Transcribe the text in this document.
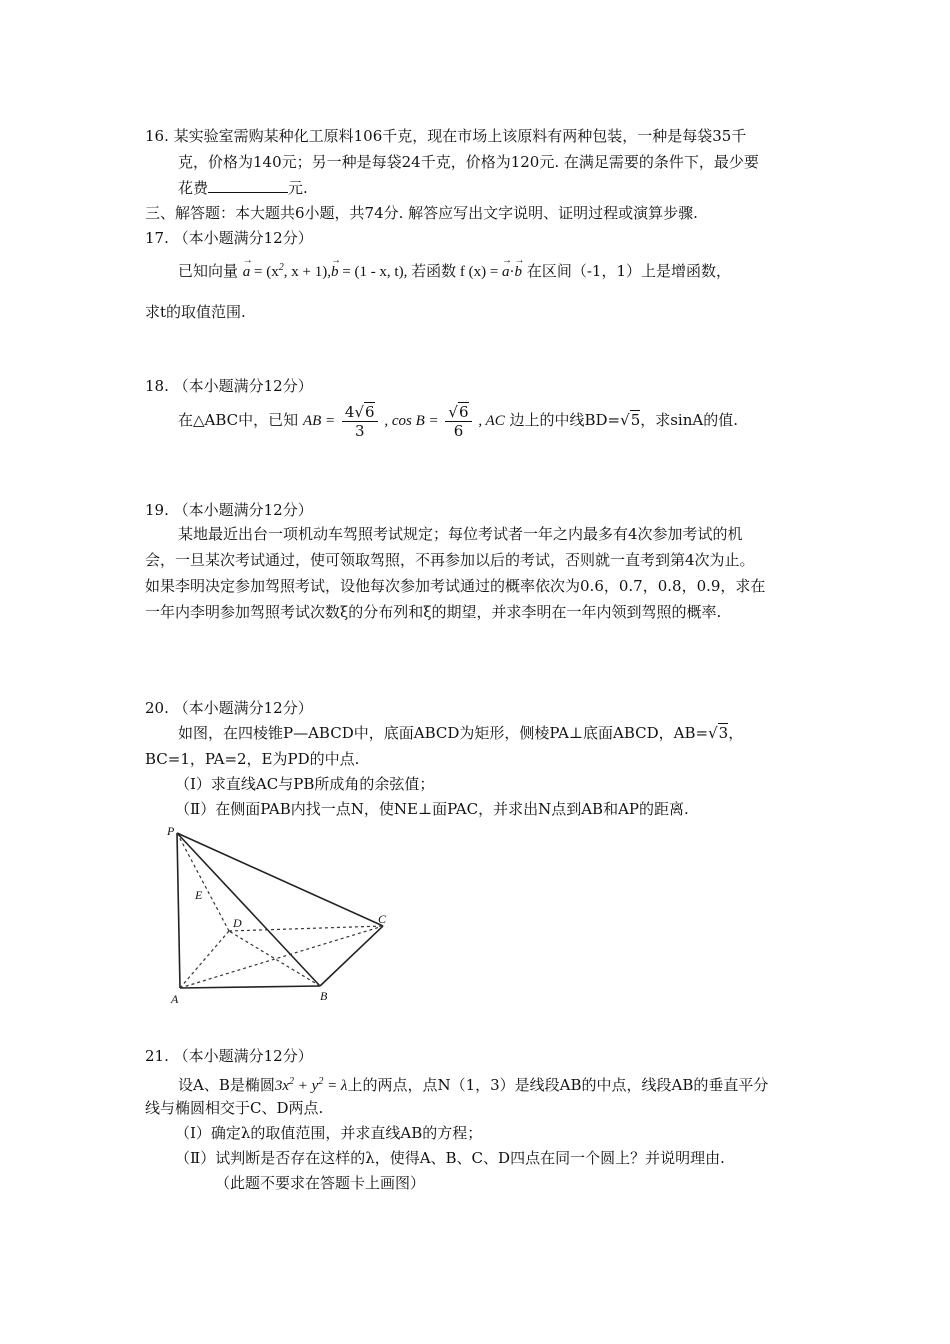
16. 某实验室需购某种化工原料106千克，现在市场上该原料有两种包装，一种是每袋35千
克，价格为140元；另一种是每袋24千克，价格为120元. 在满足需要的条件下，最少要
花费	元.
三、解答题：本大题共6小题，共74分. 解答应写出文字说明、证明过程或演算步骤.
17. （本小题满分12分）
已知向量 → $a = (x^2$, x + 1),→ b = (1 - x, t), 若函数 f (x) = → a·→ b 在区间（-1，1）上是增函数，
求t的取值范围.
18. （本小题满分12分）
在△ABC中，已知 AB = $\frac{4√6}{3}$ , $\cos B = \frac{√6}{6}$ , AC 边上的中线BD=√5，求sinA的值.
19. （本小题满分12分）
某地最近出台一项机动车驾照考试规定；每位考试者一年之内最多有4次参加考试的机
会，一旦某次考试通过，使可领取驾照，不再参加以后的考试，否则就一直考到第4次为止。
如果李明决定参加驾照考试，设他每次参加考试通过的概率依次为0.6，0.7，0.8，0.9，求在
一年内李明参加驾照考试次数ξ的分布列和ξ的期望，并求李明在一年内领到驾照的概率.
20. （本小题满分12分）
如图，在四棱锥P—ABCD中，底面ABCD为矩形，侧棱PA⊥底面ABCD，AB=√3，
BC=1，PA=2，E为PD的中点.
（Ⅰ）求直线AC与PB所成角的余弦值；
（Ⅱ）在侧面PAB内找一点N，使NE⊥面PAC，并求出N点到AB和AP的距离.
P
E
D	C
A	B
21. （本小题满分12分）
设A、B是椭圆$3x^2 + y^2 = \lambda$上的两点，点N（1，3）是线段AB的中点，线段AB的垂直平分
线与椭圆相交于C、D两点.
（Ⅰ）确定λ的取值范围，并求直线AB的方程；
（Ⅱ）试判断是否存在这样的λ，使得A、B、C、D四点在同一个圆上？并说明理由.
（此题不要求在答题卡上画图）
